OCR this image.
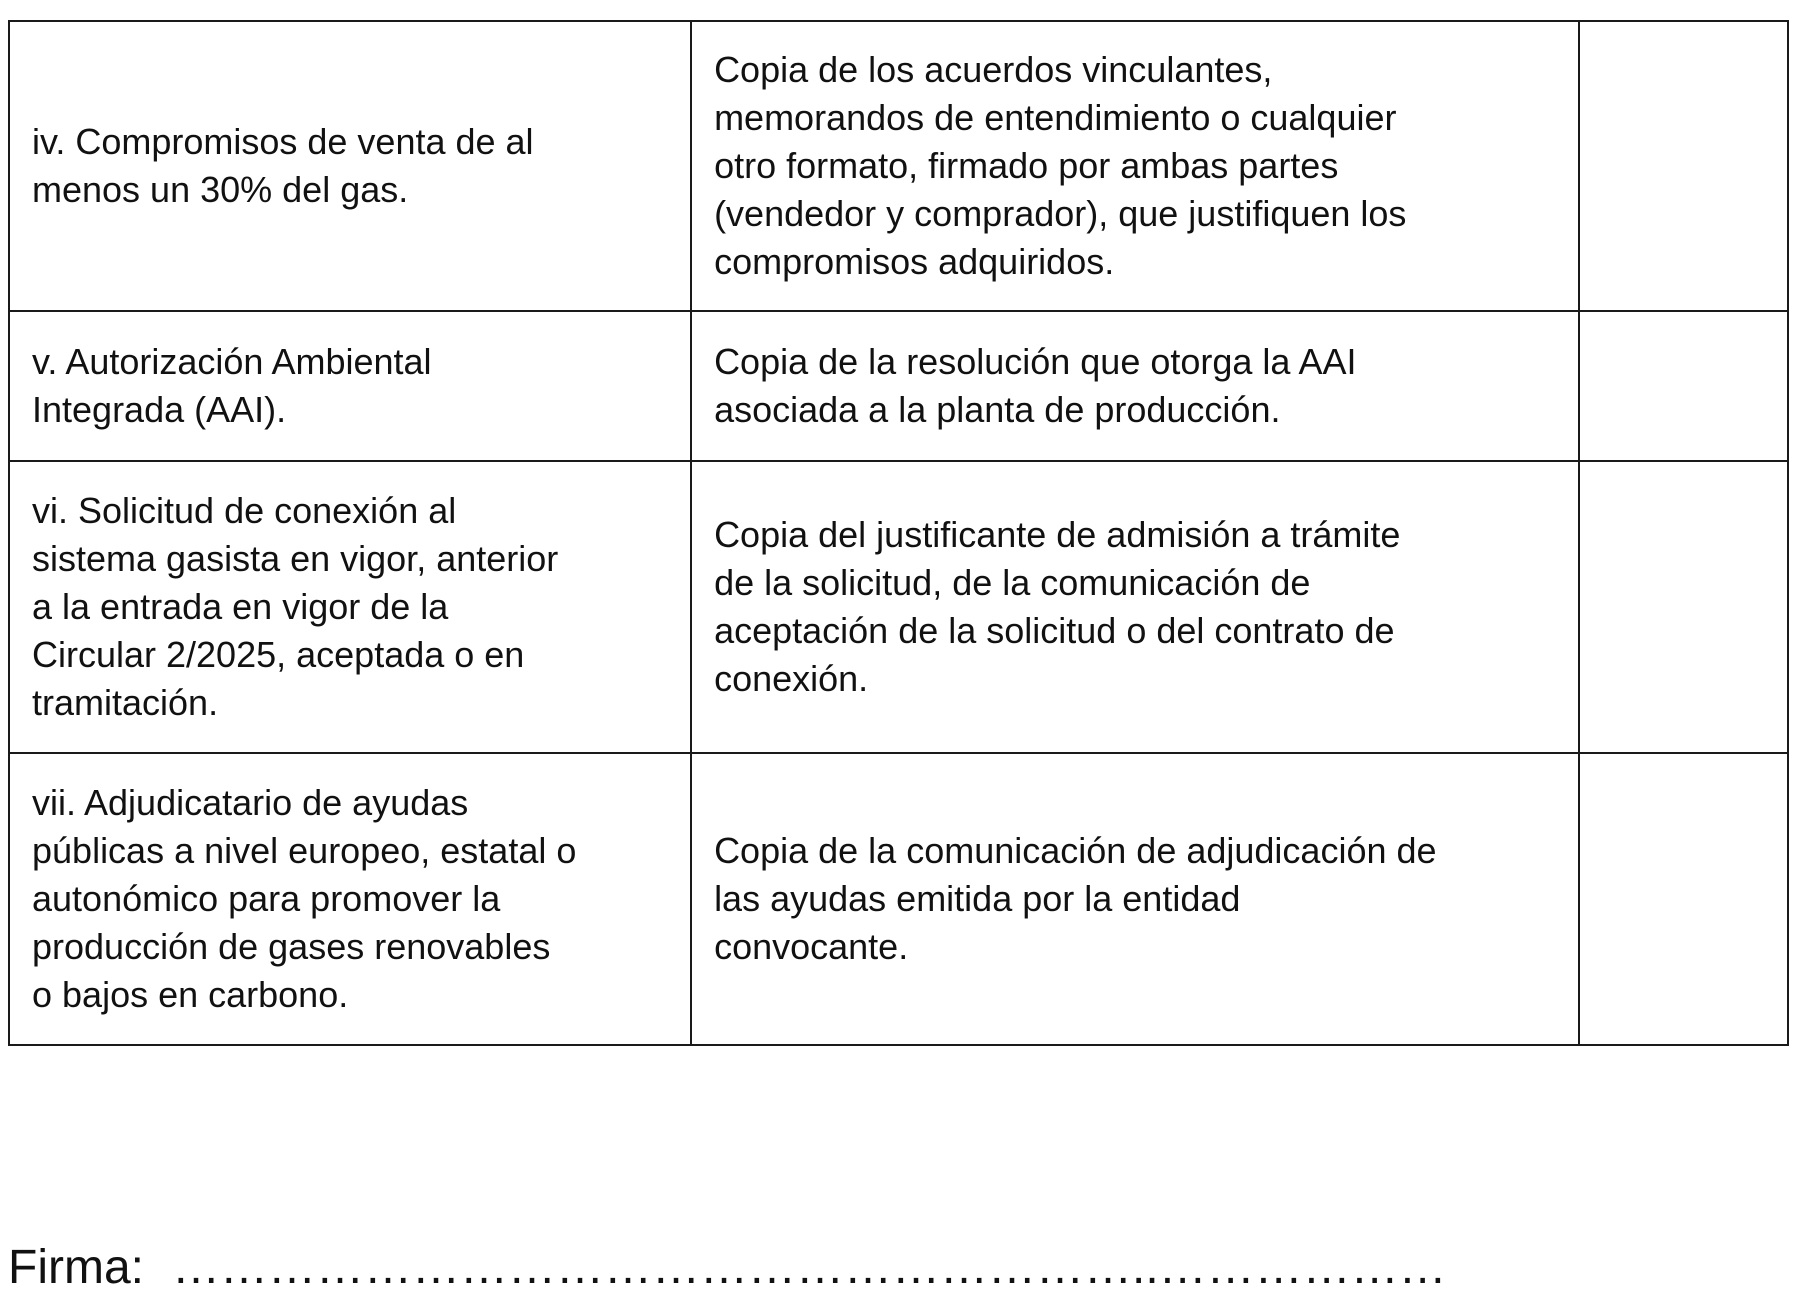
iv. Compromisos de venta de al
menos un 30% del gas.	Copia de los acuerdos vinculantes,
memorandos de entendimiento o cualquier
otro formato, firmado por ambas partes
(vendedor y comprador), que justifiquen los
compromisos adquiridos.	

v. Autorización Ambiental
Integrada (AAI).	Copia de la resolución que otorga la AAI
asociada a la planta de producción.	

vi. Solicitud de conexión al
sistema gasista en vigor, anterior
a la entrada en vigor de la
Circular 2/2025, aceptada o en
tramitación.	Copia del justificante de admisión a trámite
de la solicitud, de la comunicación de
aceptación de la solicitud o del contrato de
conexión.	

vii. Adjudicatario de ayudas
públicas a nivel europeo, estatal o
autonómico para promover la
producción de gases renovables
o bajos en carbono.	Copia de la comunicación de adjudicación de
las ayudas emitida por la entidad
convocante.	

Firma: ……………………………………………………..………………
